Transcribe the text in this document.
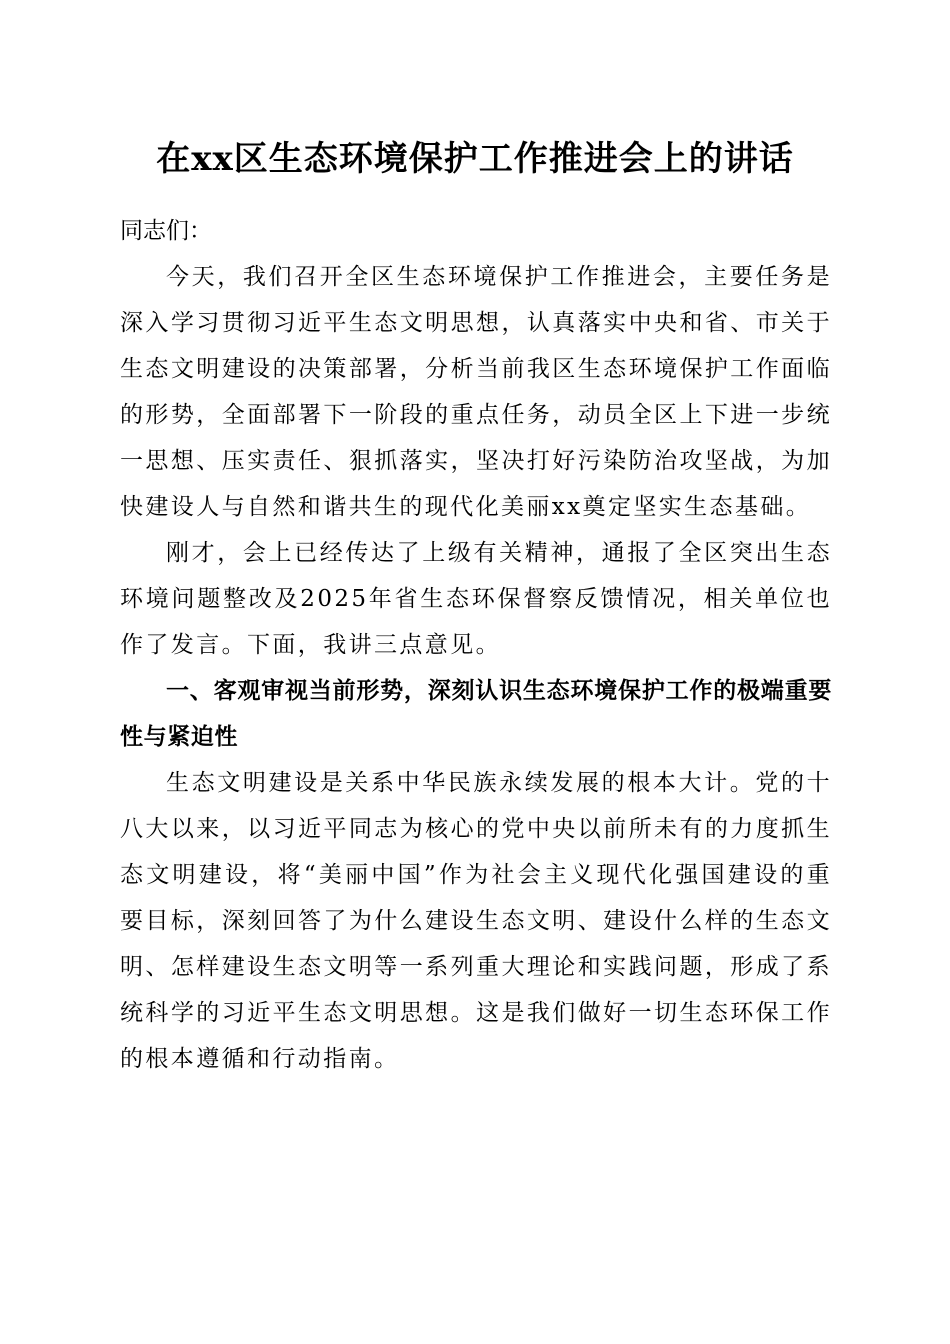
在xx区生态环境保护工作推进会上的讲话

同志们：

今天，我们召开全区生态环境保护工作推进会，主要任务是深入学习贯彻习近平生态文明思想，认真落实中央和省、市关于生态文明建设的决策部署，分析当前我区生态环境保护工作面临的形势，全面部署下一阶段的重点任务，动员全区上下进一步统一思想、压实责任、狠抓落实，坚决打好污染防治攻坚战，为加快建设人与自然和谐共生的现代化美丽xx奠定坚实生态基础。

刚才，会上已经传达了上级有关精神，通报了全区突出生态环境问题整改及2025年省生态环保督察反馈情况，相关单位也作了发言。下面，我讲三点意见。

一、客观审视当前形势，深刻认识生态环境保护工作的极端重要性与紧迫性

生态文明建设是关系中华民族永续发展的根本大计。党的十八大以来，以习近平同志为核心的党中央以前所未有的力度抓生态文明建设，将“美丽中国”作为社会主义现代化强国建设的重要目标，深刻回答了为什么建设生态文明、建设什么样的生态文明、怎样建设生态文明等一系列重大理论和实践问题，形成了系统科学的习近平生态文明思想。这是我们做好一切生态环保工作的根本遵循和行动指南。
